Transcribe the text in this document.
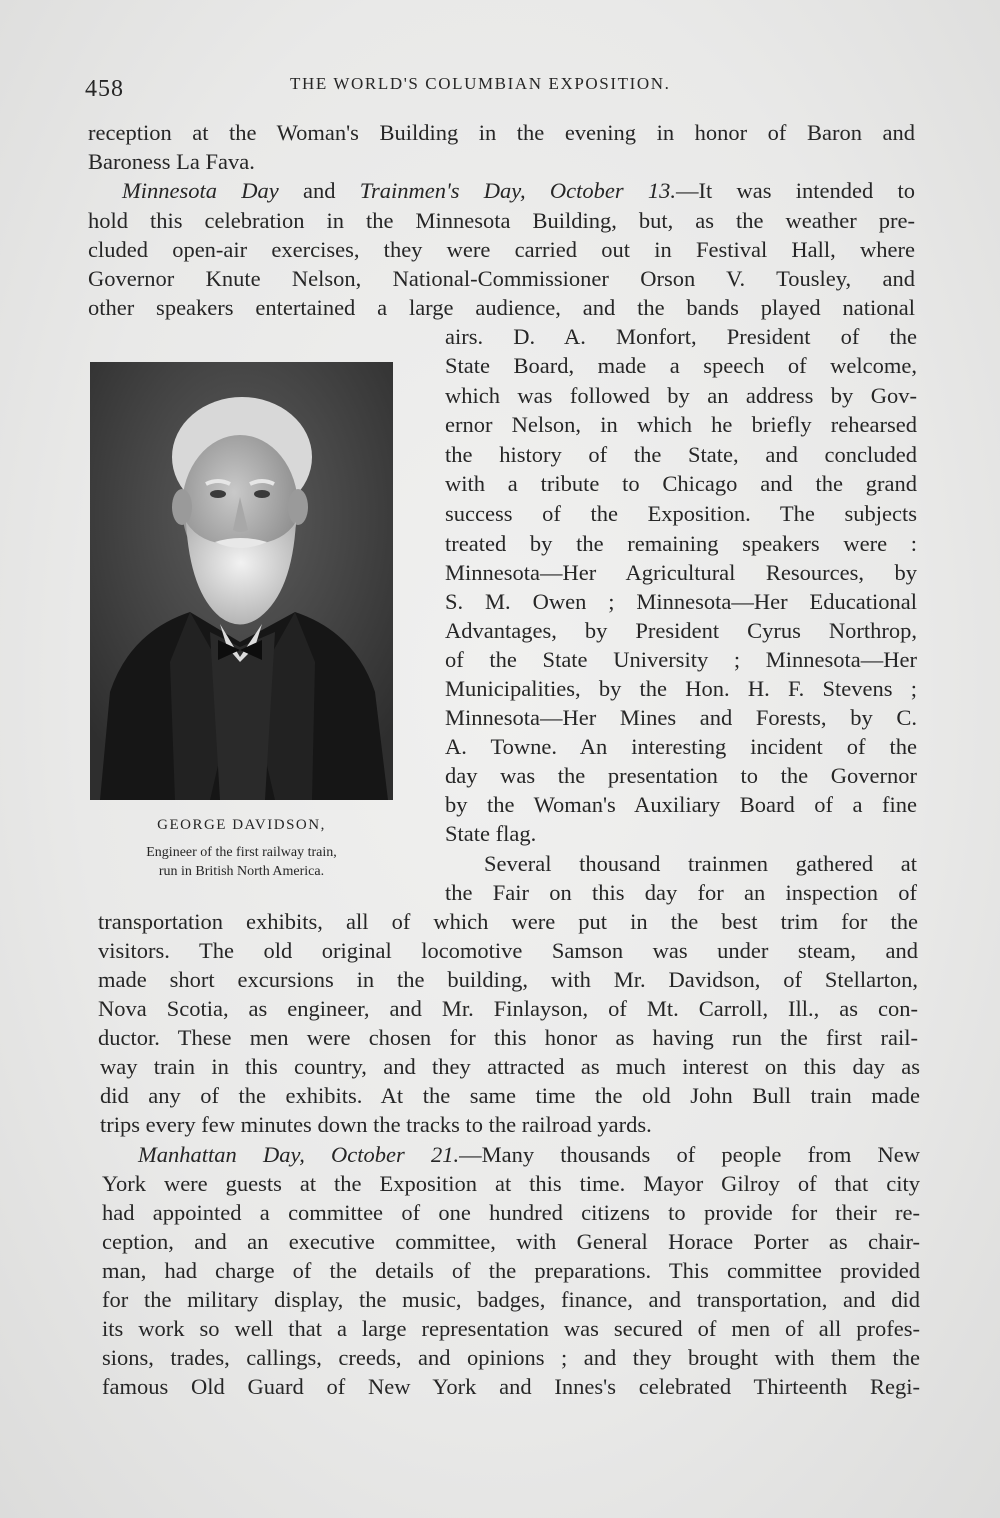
458	THE WORLD'S COLUMBIAN EXPOSITION.
reception at the Woman's Building in the evening in honor of Baron and
Baroness La Fava.
Minnesota Day and Trainmen's Day, October 13.—It was intended to
hold this celebration in the Minnesota Building, but, as the weather pre-
cluded open-air exercises, they were carried out in Festival Hall, where
Governor Knute Nelson, National-Commissioner Orson V. Tousley, and
other speakers entertained a large audience, and the bands played national
airs. D. A. Monfort, President of the
State Board, made a speech of welcome,
which was followed by an address by Gov-
ernor Nelson, in which he briefly rehearsed
the history of the State, and concluded
with a tribute to Chicago and the grand
success of the Exposition. The subjects
treated by the remaining speakers were :
Minnesota—Her Agricultural Resources, by
S. M. Owen ; Minnesota—Her Educational
Advantages, by President Cyrus Northrop,
of the State University ; Minnesota—Her
Municipalities, by the Hon. H. F. Stevens ;
Minnesota—Her Mines and Forests, by C.
A. Towne. An interesting incident of the
day was the presentation to the Governor
by the Woman's Auxiliary Board of a fine
State flag.
GEORGE DAVIDSON,
Engineer of the first railway train,
run in British North America.	Several thousand trainmen gathered at
the Fair on this day for an inspection of
transportation exhibits, all of which were put in the best trim for the
visitors. The old original locomotive Samson was under steam, and
made short excursions in the building, with Mr. Davidson, of Stellarton,
Nova Scotia, as engineer, and Mr. Finlayson, of Mt. Carroll, Ill., as con-
ductor. These men were chosen for this honor as having run the first rail-
way train in this country, and they attracted as much interest on this day as
did any of the exhibits. At the same time the old John Bull train made
trips every few minutes down the tracks to the railroad yards.
Manhattan Day, October 21.—Many thousands of people from New
York were guests at the Exposition at this time. Mayor Gilroy of that city
had appointed a committee of one hundred citizens to provide for their re-
ception, and an executive committee, with General Horace Porter as chair-
man, had charge of the details of the preparations. This committee provided
for the military display, the music, badges, finance, and transportation, and did
its work so well that a large representation was secured of men of all profes-
sions, trades, callings, creeds, and opinions ; and they brought with them the
famous Old Guard of New York and Innes's celebrated Thirteenth Regi-
